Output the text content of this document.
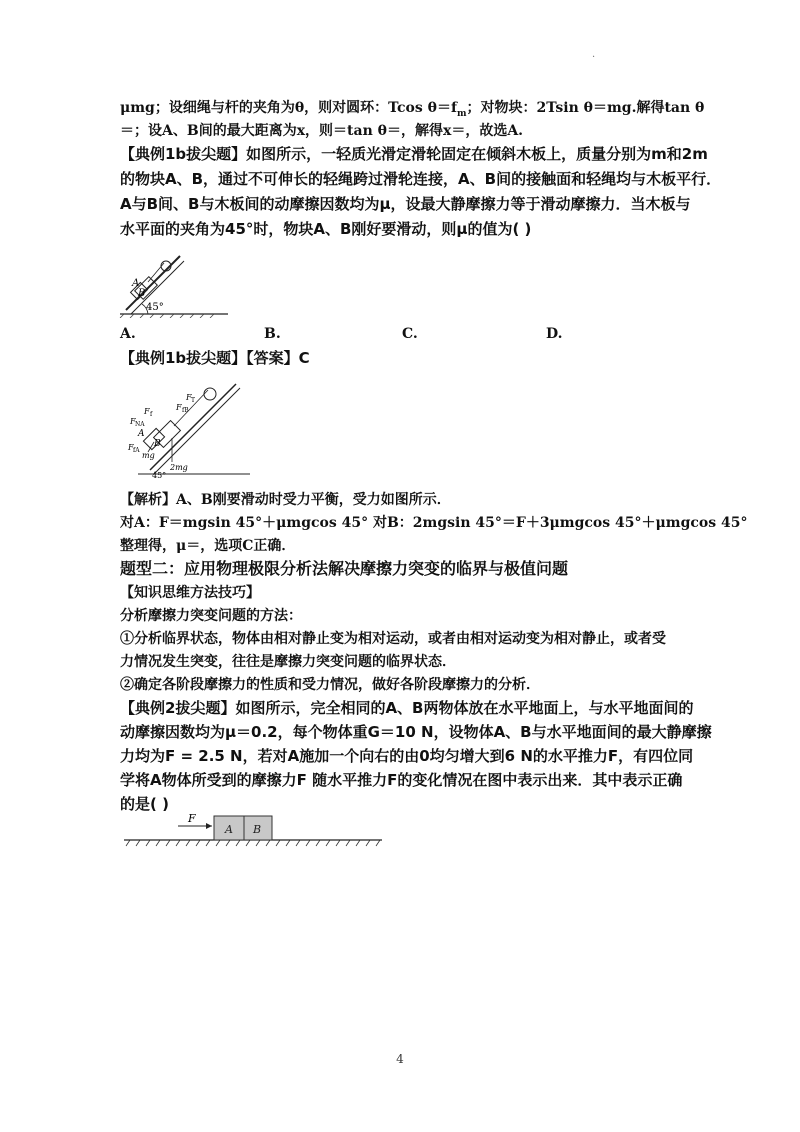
·
μmg；设细绳与杆的夹角为θ，则对圆环：Tcos $\theta=f_m$；对物块：2Tsin θ＝mg.解得tan θ
＝；设A、B间的最大距离为x，则＝tan θ＝，解得x＝，故选A.
【典例1b拔尖题】如图所示，一轻质光滑定滑轮固定在倾斜木板上，质量分别为m和2m
的物块A、B，通过不可伸长的轻绳跨过滑轮连接，A、B间的接触面和轻绳均与木板平行．
A与B间、B与木板间的动摩擦因数均为μ，设最大静摩擦力等于滑动摩擦力．当木板与
水平面的夹角为45°时，物块A、B刚好要滑动，则μ的值为( )
A
B
45°
A.	B.	C.	D.
【典例1b拔尖题】【答案】C
F
F	F
F
F
A
B
mg
2mg
45°
NA
f
fB
fA
T
【解析】A、B刚要滑动时受力平衡，受力如图所示．
对A：F＝mgsin 45°＋μmgcos 45° 对B：2mgsin 45°＝F＋3μmgcos 45°＋μmgcos 45°
整理得，μ＝，选项C正确．
题型二：应用物理极限分析法解决摩擦力突变的临界与极值问题
【知识思维方法技巧】
分析摩擦力突变问题的方法：
①分析临界状态，物体由相对静止变为相对运动，或者由相对运动变为相对静止，或者受
力情况发生突变，往往是摩擦力突变问题的临界状态．
②确定各阶段摩擦力的性质和受力情况，做好各阶段摩擦力的分析．
【典例2拔尖题】如图所示，完全相同的A、B两物体放在水平地面上，与水平地面间的
动摩擦因数均为μ＝0.2，每个物体重G＝10 N，设物体A、B与水平地面间的最大静摩擦
力均为F = 2.5 N，若对A施加一个向右的由0均匀增大到6 N的水平推力F，有四位同
学将A物体所受到的摩擦力F 随水平推力F的变化情况在图中表示出来．其中表示正确
的是( )
F
A B
4
